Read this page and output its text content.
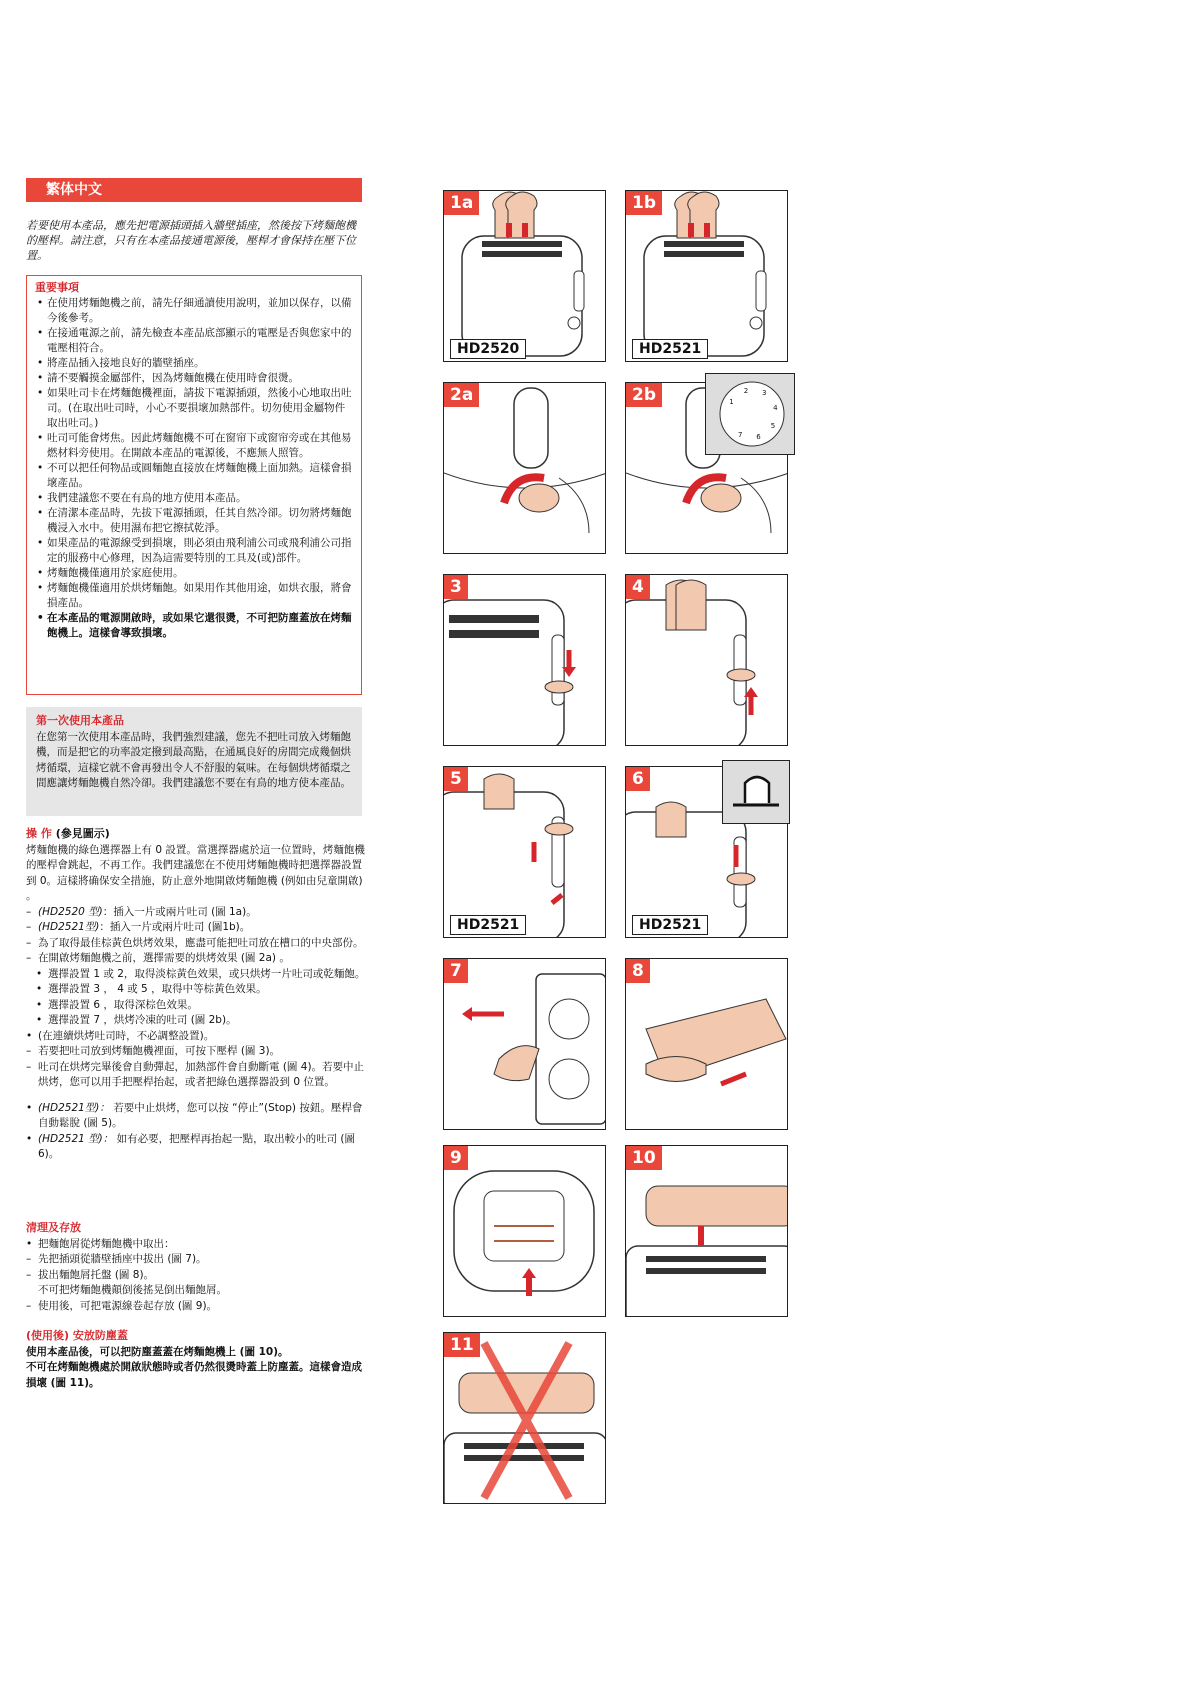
繁体中文
若要使用本產品，應先把電源插頭插入牆壁插座，然後按下烤麵飽機的壓桿。請注意，只有在本產品接通電源後，壓桿才會保持在壓下位置。
重要事項
• 在使用烤麵飽機之前，請先仔細通讀使用說明，並加以保存，以備今後參考。
• 在接通電源之前，請先檢查本產品底部顯示的電壓是否與您家中的電壓相符合。
• 將產品插入接地良好的牆壁插座。
• 請不要觸摸金屬部件，因為烤麵飽機在使用時會很燙。
• 如果吐司卡在烤麵飽機裡面，請拔下電源插頭，然後小心地取出吐司。(在取出吐司時，小心不要損壞加熱部件。切勿使用金屬物件取出吐司。)
• 吐司可能會烤焦。因此烤麵飽機不可在窗帘下或窗帘旁或在其他易燃材料旁使用。在開啟本產品的電源後，不應無人照管。
• 不可以把任何物品或圓麵飽直接放在烤麵飽機上面加熱。這樣會損壞產品。
• 我們建議您不要在有鳥的地方使用本產品。
• 在清潔本產品時，先拔下電源插頭，任其自然冷卻。切勿將烤麵飽機浸入水中。使用濕布把它擦拭乾淨。
• 如果產品的電源線受到損壞，則必須由飛利浦公司或飛利浦公司指定的服務中心修理，因為這需要特別的工具及(或)部件。
• 烤麵飽機僅適用於家庭使用。
• 烤麵飽機僅適用於烘烤麵飽。如果用作其他用途，如烘衣服，將會損產品。
• 在本產品的電源開啟時，或如果它還很燙，不可把防塵蓋放在烤麵飽機上。這樣會導致損壞。
第一次使用本產品

在您第一次使用本產品時，我們強烈建議，您先不把吐司放入烤麵飽機，而是把它的功率設定撥到最高點，在通風良好的房間完成幾個烘烤循環，這樣它就不會再發出令人不舒服的氣味。在每個烘烤循環之間應讓烤麵飽機自然冷卻。我們建議您不要在有鳥的地方使本產品。

操 作 (參見圖示)

烤麵飽機的綠色選擇器上有 0 設置。當選擇器處於這一位置時，烤麵飽機的壓桿會跳起，不再工作。我們建議您在不使用烤麵飽機時把選擇器設置到 0。這樣將确保安全措施，防止意外地開啟烤麵飽機 (例如由兒童開啟) 。

– (HD2520 型)：插入一片或兩片吐司 (圖 1a)。
– (HD2521型)：插入一片或兩片吐司 (圖1b)。
– 為了取得最佳棕黃色烘烤效果，應盡可能把吐司放在槽口的中央部份。
– 在開啟烤麵飽機之前，選擇需要的烘烤效果 (圖 2a) 。
• 選擇設置 1 或 2，取得淡棕黃色效果，或只烘烤一片吐司或乾麵飽。
• 選擇設置 3 ， 4 或 5 ，取得中等棕黃色效果。
• 選擇設置 6 ，取得深棕色效果。
• 選擇設置 7 ，烘烤冷凍的吐司 (圖 2b)。
• (在連續烘烤吐司時，不必調整設置)。
– 若要把吐司放到烤麵飽機裡面，可按下壓桿 (圖 3)。
– 吐司在烘烤完畢後會自動彈起，加熱部件會自動斷電 (圖 4)。若要中止烘烤，您可以用手把壓桿抬起，或者把綠色選擇器設到 0 位置。
• (HD2521型)： 若要中止烘烤，您可以按 “停止”(Stop) 按鈕。壓桿會自動鬆脫 (圖 5)。
• (HD2521 型)： 如有必要，把壓桿再抬起一點，取出較小的吐司 (圖 6)。
清理及存放
• 把麵飽屑從烤麵飽機中取出：
– 先把插頭從牆壁插座中拔出 (圖 7)。
– 拔出麵飽屑托盤 (圖 8)。
不可把烤麵飽機顛倒後搖晃倒出麵飽屑。
– 使用後，可把電源線卷起存放 (圖 9)。
(使用後) 安放防塵蓋

使用本產品後，可以把防塵蓋蓋在烤麵飽機上 (圖 10)。

不可在烤麵飽機處於開啟狀態時或者仍然很燙時蓋上防塵蓋。這樣會造成損壞 (圖 11)。

1a
HD2520
1b
HD2521
2a	2b	1
2 3
4
5
6
7
3	4
5
HD2521
6
HD2521
7	8
9	10
11
